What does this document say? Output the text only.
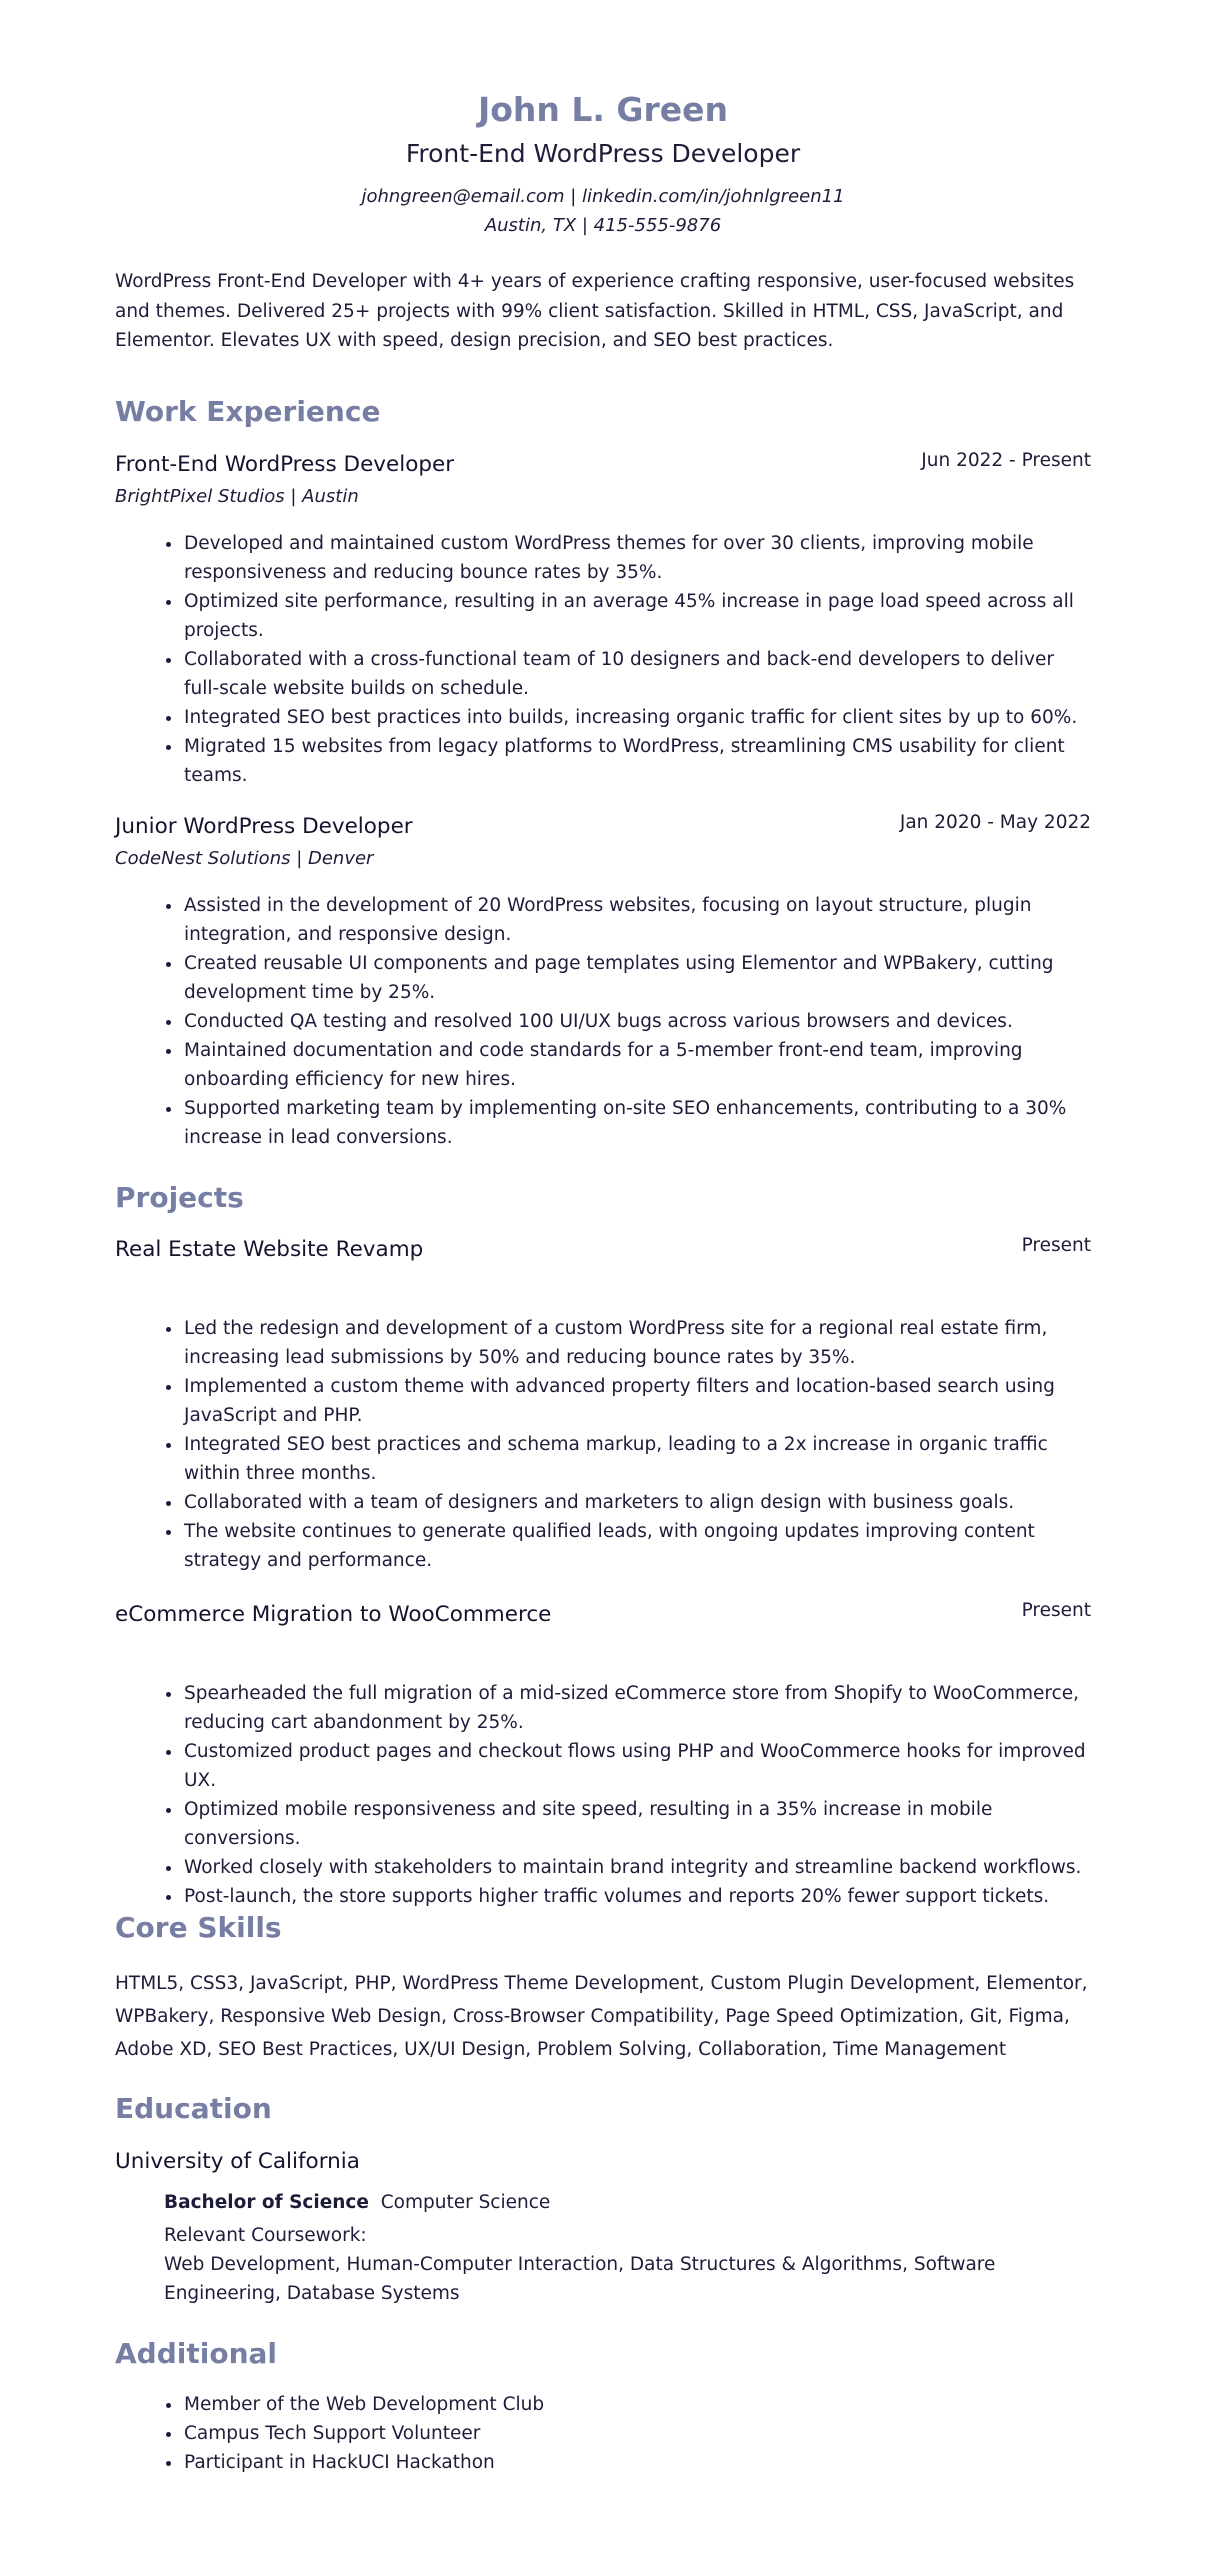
John L. Green
Front-End WordPress Developer
johngreen@email.com | linkedin.com/in/johnlgreen11
Austin, TX | 415-555-9876
WordPress Front-End Developer with 4+ years of experience crafting responsive, user-focused websites and themes. Delivered 25+ projects with 99% client satisfaction. Skilled in HTML, CSS, JavaScript, and Elementor. Elevates UX with speed, design precision, and SEO best practices.
Work Experience
Front-End WordPress Developer	Jun 2022 - Present
BrightPixel Studios | Austin
• Developed and maintained custom WordPress themes for over 30 clients, improving mobile responsiveness and reducing bounce rates by 35%.
• Optimized site performance, resulting in an average 45% increase in page load speed across all projects.
• Collaborated with a cross-functional team of 10 designers and back-end developers to deliver full-scale website builds on schedule.
• Integrated SEO best practices into builds, increasing organic traffic for client sites by up to 60%.
• Migrated 15 websites from legacy platforms to WordPress, streamlining CMS usability for client teams.
Junior WordPress Developer	Jan 2020 - May 2022
CodeNest Solutions | Denver
• Assisted in the development of 20 WordPress websites, focusing on layout structure, plugin integration, and responsive design.
• Created reusable UI components and page templates using Elementor and WPBakery, cutting development time by 25%.
• Conducted QA testing and resolved 100 UI/UX bugs across various browsers and devices.
• Maintained documentation and code standards for a 5-member front-end team, improving onboarding efficiency for new hires.
• Supported marketing team by implementing on-site SEO enhancements, contributing to a 30% increase in lead conversions.
Projects
Real Estate Website Revamp	Present
• Led the redesign and development of a custom WordPress site for a regional real estate firm, increasing lead submissions by 50% and reducing bounce rates by 35%.
• Implemented a custom theme with advanced property filters and location-based search using JavaScript and PHP.
• Integrated SEO best practices and schema markup, leading to a 2x increase in organic traffic within three months.
• Collaborated with a team of designers and marketers to align design with business goals.
• The website continues to generate qualified leads, with ongoing updates improving content strategy and performance.
eCommerce Migration to WooCommerce	Present
• Spearheaded the full migration of a mid-sized eCommerce store from Shopify to WooCommerce, reducing cart abandonment by 25%.
• Customized product pages and checkout flows using PHP and WooCommerce hooks for improved UX.
• Optimized mobile responsiveness and site speed, resulting in a 35% increase in mobile conversions.
• Worked closely with stakeholders to maintain brand integrity and streamline backend workflows.
• Post-launch, the store supports higher traffic volumes and reports 20% fewer support tickets.
Core Skills
HTML5, CSS3, JavaScript, PHP, WordPress Theme Development, Custom Plugin Development, Elementor, WPBakery, Responsive Web Design, Cross-Browser Compatibility, Page Speed Optimization, Git, Figma, Adobe XD, SEO Best Practices, UX/UI Design, Problem Solving, Collaboration, Time Management
Education
University of California
Bachelor of Science Computer Science
Relevant Coursework:
Web Development, Human-Computer Interaction, Data Structures & Algorithms, Software Engineering, Database Systems
Additional
• Member of the Web Development Club
• Campus Tech Support Volunteer
• Participant in HackUCI Hackathon
